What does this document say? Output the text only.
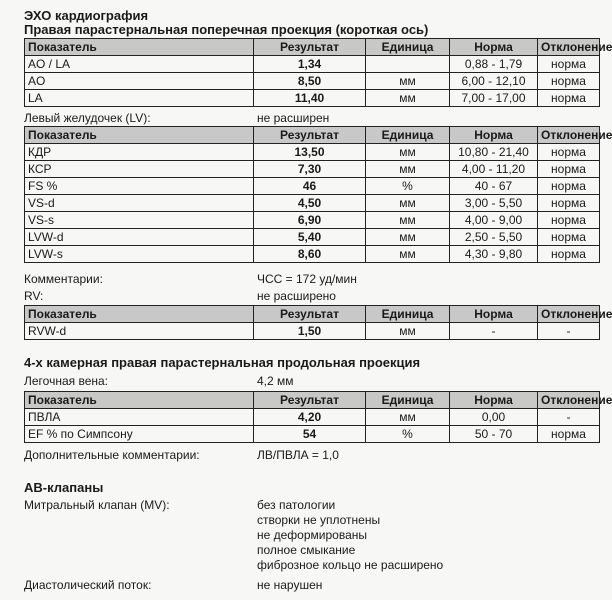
ЭХО кардиография
Правая парастернальная поперечная проекция (короткая ось)
Показатель	Результат	Единица	Норма	Отклонение
AO / LA	1,34		0,88 - 1,79	норма
AO	8,50	мм	6,00 - 12,10	норма
LA	11,40	мм	7,00 - 17,00	норма
Левый желудочек (LV):	не расширен
Показатель	Результат	Единица	Норма	Отклонение
КДР	13,50	мм	10,80 - 21,40	норма
КСР	7,30	мм	4,00 - 11,20	норма
FS %	46	%	40 - 67	норма
VS-d	4,50	мм	3,00 - 5,50	норма
VS-s	6,90	мм	4,00 - 9,00	норма
LVW-d	5,40	мм	2,50 - 5,50	норма
LVW-s	8,60	мм	4,30 - 9,80	норма
Комментарии:	ЧСС = 172 уд/мин
RV:	не расширено
Показатель	Результат	Единица	Норма	Отклонение
RVW-d	1,50	мм	-	-
4-х камерная правая парастернальная продольная проекция
Легочная вена:	4,2 мм
Показатель	Результат	Единица	Норма	Отклонение
ПВЛА	4,20	мм	0,00	-
EF % по Симпсону	54	%	50 - 70	норма
Дополнительные комментарии:	ЛВ/ПВЛА = 1,0
АВ-клапаны
Митральный клапан (MV):	без патологии
створки не уплотнены
не деформированы
полное смыкание
фиброзное кольцо не расширено
Диастолический поток:	не нарушен
